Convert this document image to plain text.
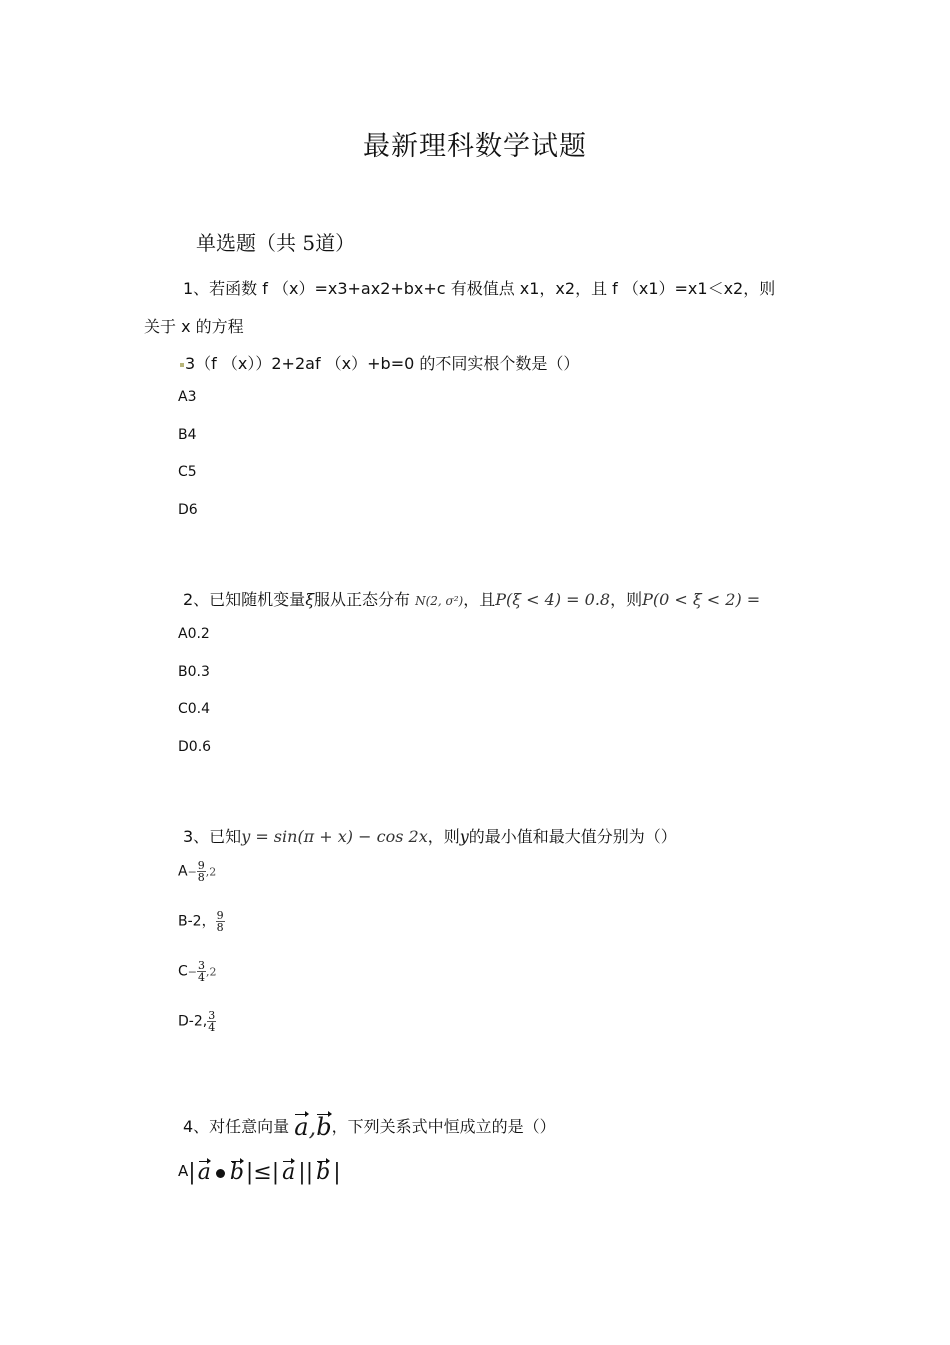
最新理科数学试题
单选题（共 5道）
1、若函数 f （x）=x3+ax2+bx+c 有极值点 x1，x2，且 f （x1）=x1＜x2，则
关于 x 的方程
3（f （x））2+2af （x）+b=0 的不同实根个数是（）
A3
B4
C5
D6
2、已知随机变量ξ服从正态分布 N(2, σ²)，且P(ξ < 4) = 0.8，则P(0 < ξ < 2) =
A0.2
B0.3
C0.4
D0.6
3、已知y = sin(π + x) − cos 2x，则y的最小值和最大值分别为（）
$A- \frac{9}{8} ,2$
B-2， $\frac{9}{8}$
$C- \frac{3}{4} ,2$
D-2, $\frac{3}{4}$
4、对任意向量 a,b，下列关系式中恒成立的是（）
A|a b|≤| a || b |
